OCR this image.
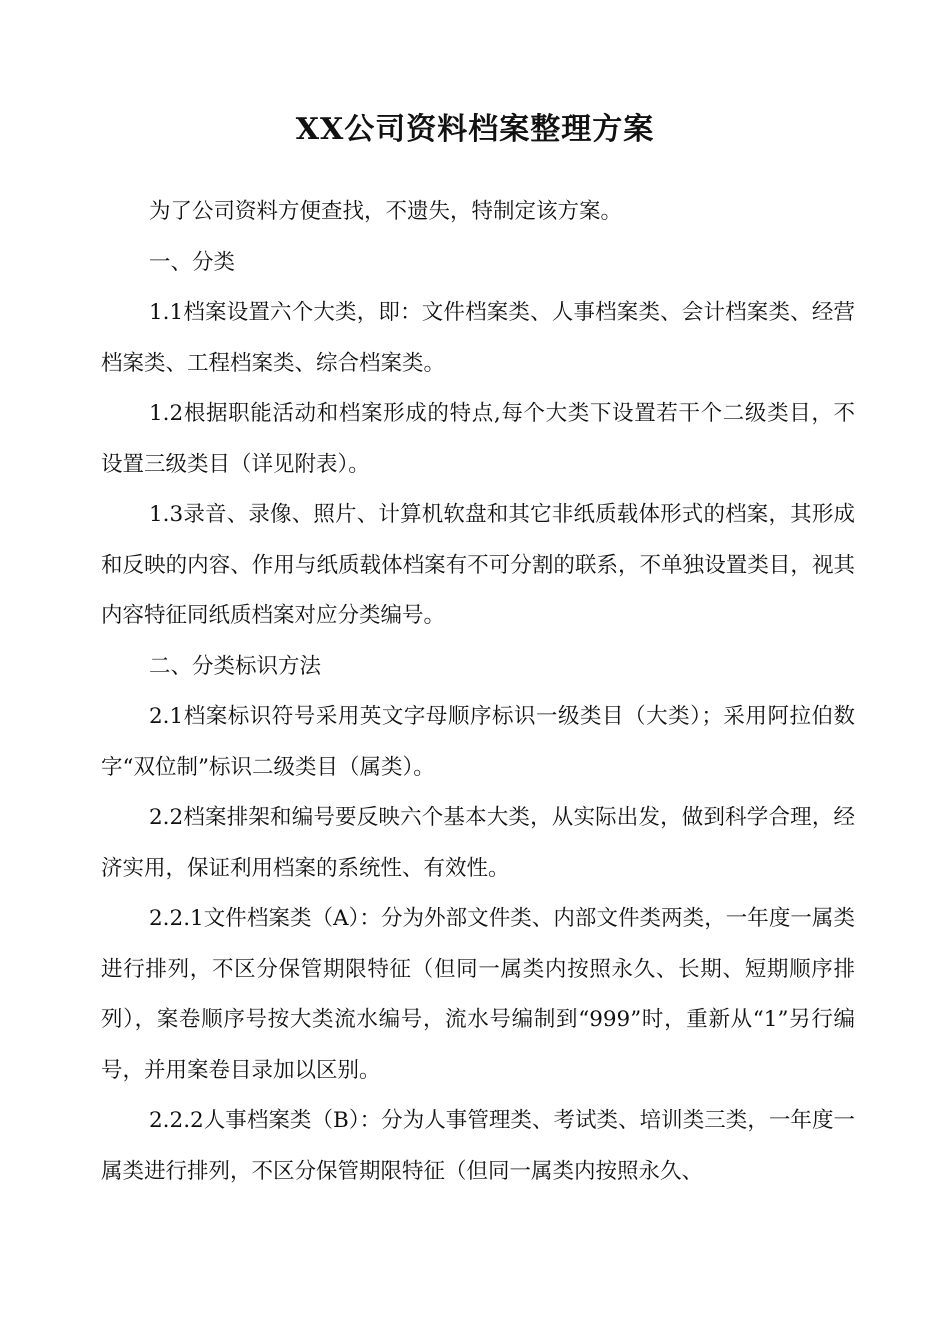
XX公司资料档案整理方案

为了公司资料方便查找，不遗失，特制定该方案。

一、分类

1.1档案设置六个大类，即：文件档案类、人事档案类、会计档案类、经营档案类、工程档案类、综合档案类。

1.2根据职能活动和档案形成的特点,每个大类下设置若干个二级类目，不设置三级类目（详见附表）。

1.3录音、录像、照片、计算机软盘和其它非纸质载体形式的档案，其形成和反映的内容、作用与纸质载体档案有不可分割的联系，不单独设置类目，视其内容特征同纸质档案对应分类编号。

二、分类标识方法

2.1档案标识符号采用英文字母顺序标识一级类目（大类）；采用阿拉伯数字“双位制”标识二级类目（属类）。

2.2档案排架和编号要反映六个基本大类，从实际出发，做到科学合理，经济实用，保证利用档案的系统性、有效性。

2.2.1文件档案类（A）：分为外部文件类、内部文件类两类，一年度一属类进行排列，不区分保管期限特征（但同一属类内按照永久、长期、短期顺序排列），案卷顺序号按大类流水编号，流水号编制到“999”时，重新从“1”另行编号，并用案卷目录加以区别。

2.2.2人事档案类（B）：分为人事管理类、考试类、培训类三类，一年度一属类进行排列，不区分保管期限特征（但同一属类内按照永久、
